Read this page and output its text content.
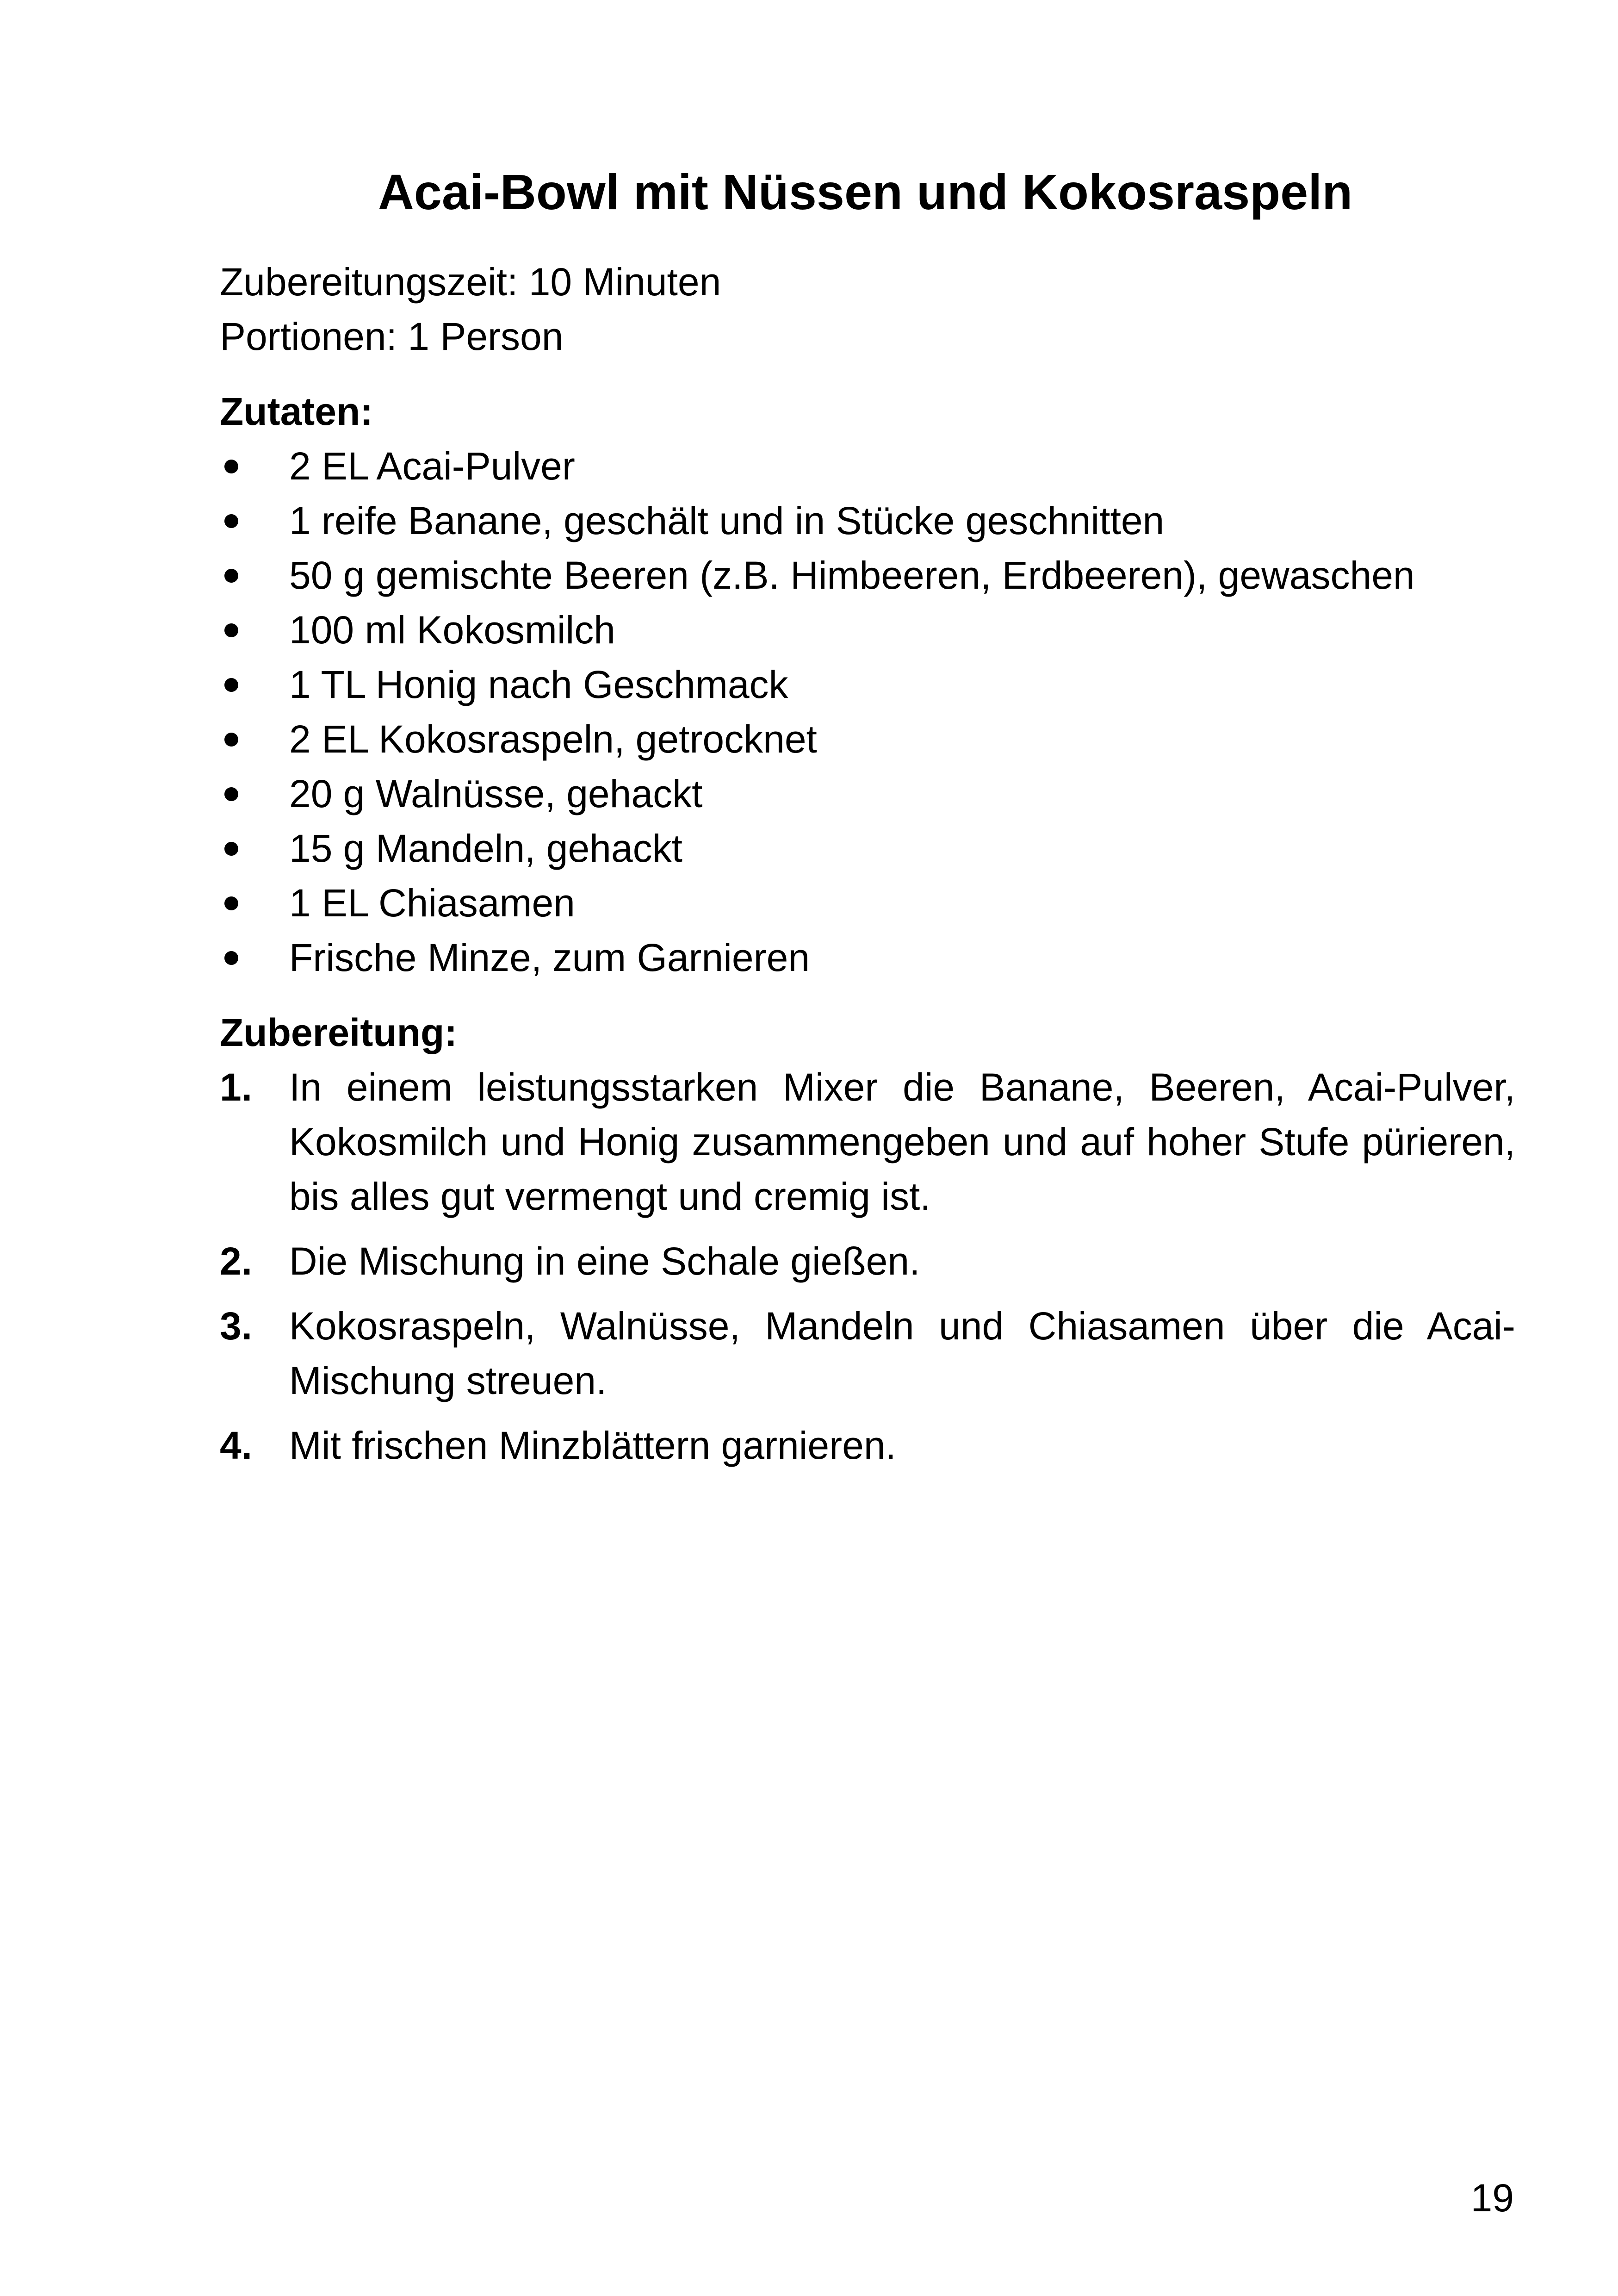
Acai-Bowl mit Nüssen und Kokosraspeln

Zubereitungszeit: 10 Minuten

Portionen: 1 Person

Zutaten:

2 EL Acai-Pulver
1 reife Banane, geschält und in Stücke geschnitten
50 g gemischte Beeren (z.B. Himbeeren, Erdbeeren), gewaschen
100 ml Kokosmilch
1 TL Honig nach Geschmack
2 EL Kokosraspeln, getrocknet
20 g Walnüsse, gehackt
15 g Mandeln, gehackt
1 EL Chiasamen
Frische Minze, zum Garnieren

Zubereitung:

1. In einem leistungsstarken Mixer die Banane, Beeren, Acai-Pulver, Kokosmilch und Honig zusammengeben und auf hoher Stufe pürieren, bis alles gut vermengt und cremig ist.
2. Die Mischung in eine Schale gießen.
3. Kokosraspeln, Walnüsse, Mandeln und Chiasamen über die Acai-Mischung streuen.
4. Mit frischen Minzblättern garnieren.
19
